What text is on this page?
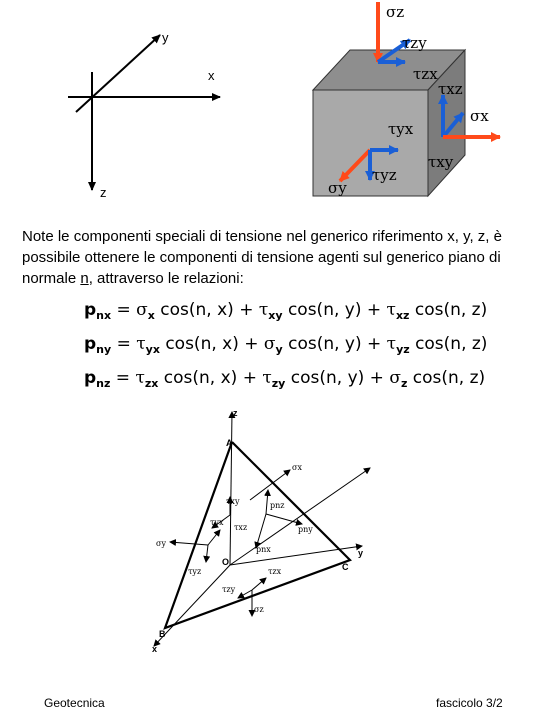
y
x
z
σz
τzy
τzx
τxz
τyx
σx
τxy
τyz
σy
Note le componenti speciali di tensione nel generico riferimento x, y, z, è possibile ottenere le componenti di tensione agenti sul generico piano di normale n, attraverso le relazioni:
$p_{nx} = \sigma_x$ cos(n, $x) + \tau_{xy}$ cos(n, $y) + \tau_{xz}$ cos(n, z)
$p_{ny} = \tau_{yx}$ cos(n, $x) + \sigma_y$ cos(n, $y) + \tau_{yz}$ cos(n, z)
$p_{nz} = \tau_{zx}$ cos(n, $x) + \tau_{zy}$ cos(n, $y) + \sigma_z$ cos(n, z)
A
B
C
O
z
y
x
σx
τxy
τxz
τyx
σy
τyz	τzx
τzy
σz
pnz
pny
pnx
Geotecnica	fascicolo 3/2
